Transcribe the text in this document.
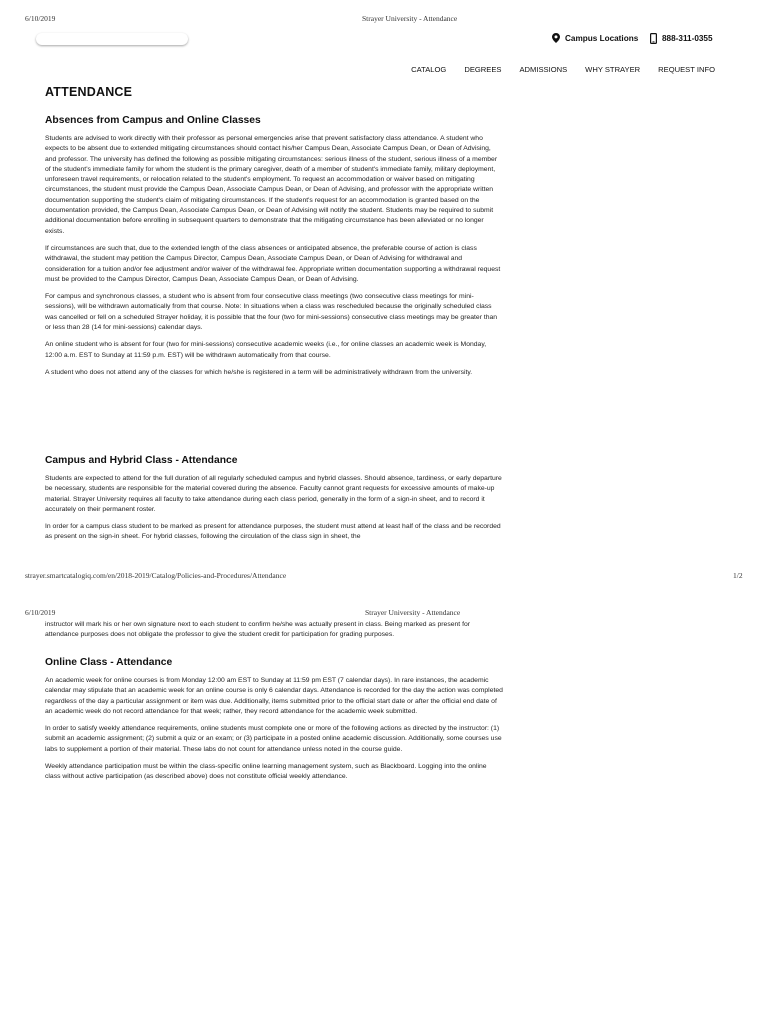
6/10/2019	Strayer University - Attendance
Campus Locations	888-311-0355
CATALOG DEGREES ADMISSIONS WHY STRAYER REQUEST INFO
ATTENDANCE
Absences from Campus and Online Classes

Students are advised to work directly with their professor as personal emergencies arise that prevent satisfactory class attendance. A student who expects to be absent due to extended mitigating circumstances should contact his/her Campus Dean, Associate Campus Dean, or Dean of Advising, and professor. The university has defined the following as possible mitigating circumstances: serious illness of the student, serious illness of a member of the student's immediate family for whom the student is the primary caregiver, death of a member of student's immediate family, military deployment, unforeseen travel requirements, or relocation related to the student's employment. To request an accommodation or waiver based on mitigating circumstances, the student must provide the Campus Dean, Associate Campus Dean, or Dean of Advising, and professor with the appropriate written documentation supporting the student's claim of mitigating circumstances. If the student's request for an accommodation is granted based on the documentation provided, the Campus Dean, Associate Campus Dean, or Dean of Advising will notify the student. Students may be required to submit additional documentation before enrolling in subsequent quarters to demonstrate that the mitigating circumstance has been alleviated or no longer exists.

If circumstances are such that, due to the extended length of the class absences or anticipated absence, the preferable course of action is class withdrawal, the student may petition the Campus Director, Campus Dean, Associate Campus Dean, or Dean of Advising for withdrawal and consideration for a tuition and/or fee adjustment and/or waiver of the withdrawal fee. Appropriate written documentation supporting a withdrawal request must be provided to the Campus Director, Campus Dean, Associate Campus Dean, or Dean of Advising.

For campus and synchronous classes, a student who is absent from four consecutive class meetings (two consecutive class meetings for mini-sessions), will be withdrawn automatically from that course. Note: In situations when a class was rescheduled because the originally scheduled class was cancelled or fell on a scheduled Strayer holiday, it is possible that the four (two for mini-sessions) consecutive class meetings may be greater than or less than 28 (14 for mini-sessions) calendar days.

An online student who is absent for four (two for mini-sessions) consecutive academic weeks (i.e., for online classes an academic week is Monday, 12:00 a.m. EST to Sunday at 11:59 p.m. EST) will be withdrawn automatically from that course.

A student who does not attend any of the classes for which he/she is registered in a term will be administratively withdrawn from the university.

Campus and Hybrid Class - Attendance

Students are expected to attend for the full duration of all regularly scheduled campus and hybrid classes. Should absence, tardiness, or early departure be necessary, students are responsible for the material covered during the absence. Faculty cannot grant requests for excessive amounts of make-up material. Strayer University requires all faculty to take attendance during each class period, generally in the form of a sign-in sheet, and to record it accurately on their permanent roster.

In order for a campus class student to be marked as present for attendance purposes, the student must attend at least half of the class and be recorded as present on the sign-in sheet. For hybrid classes, following the circulation of the class sign in sheet, the

strayer.smartcatalogiq.com/en/2018-2019/Catalog/Policies-and-Procedures/Attendance	1/2
6/10/2019	Strayer University - Attendance

instructor will mark his or her own signature next to each student to confirm he/she was actually present in class. Being marked as present for attendance purposes does not obligate the professor to give the student credit for participation for grading purposes.

Online Class - Attendance

An academic week for online courses is from Monday 12:00 am EST to Sunday at 11:59 pm EST (7 calendar days). In rare instances, the academic calendar may stipulate that an academic week for an online course is only 6 calendar days. Attendance is recorded for the day the action was completed regardless of the day a particular assignment or item was due. Additionally, items submitted prior to the official start date or after the official end date of an academic week do not record attendance for that week; rather, they record attendance for the academic week submitted.

In order to satisfy weekly attendance requirements, online students must complete one or more of the following actions as directed by the instructor: (1) submit an academic assignment; (2) submit a quiz or an exam; or (3) participate in a posted online academic discussion. Additionally, some courses use labs to supplement a portion of their material. These labs do not count for attendance unless noted in the course guide.

Weekly attendance participation must be within the class-specific online learning management system, such as Blackboard. Logging into the online class without active participation (as described above) does not constitute official weekly attendance.
